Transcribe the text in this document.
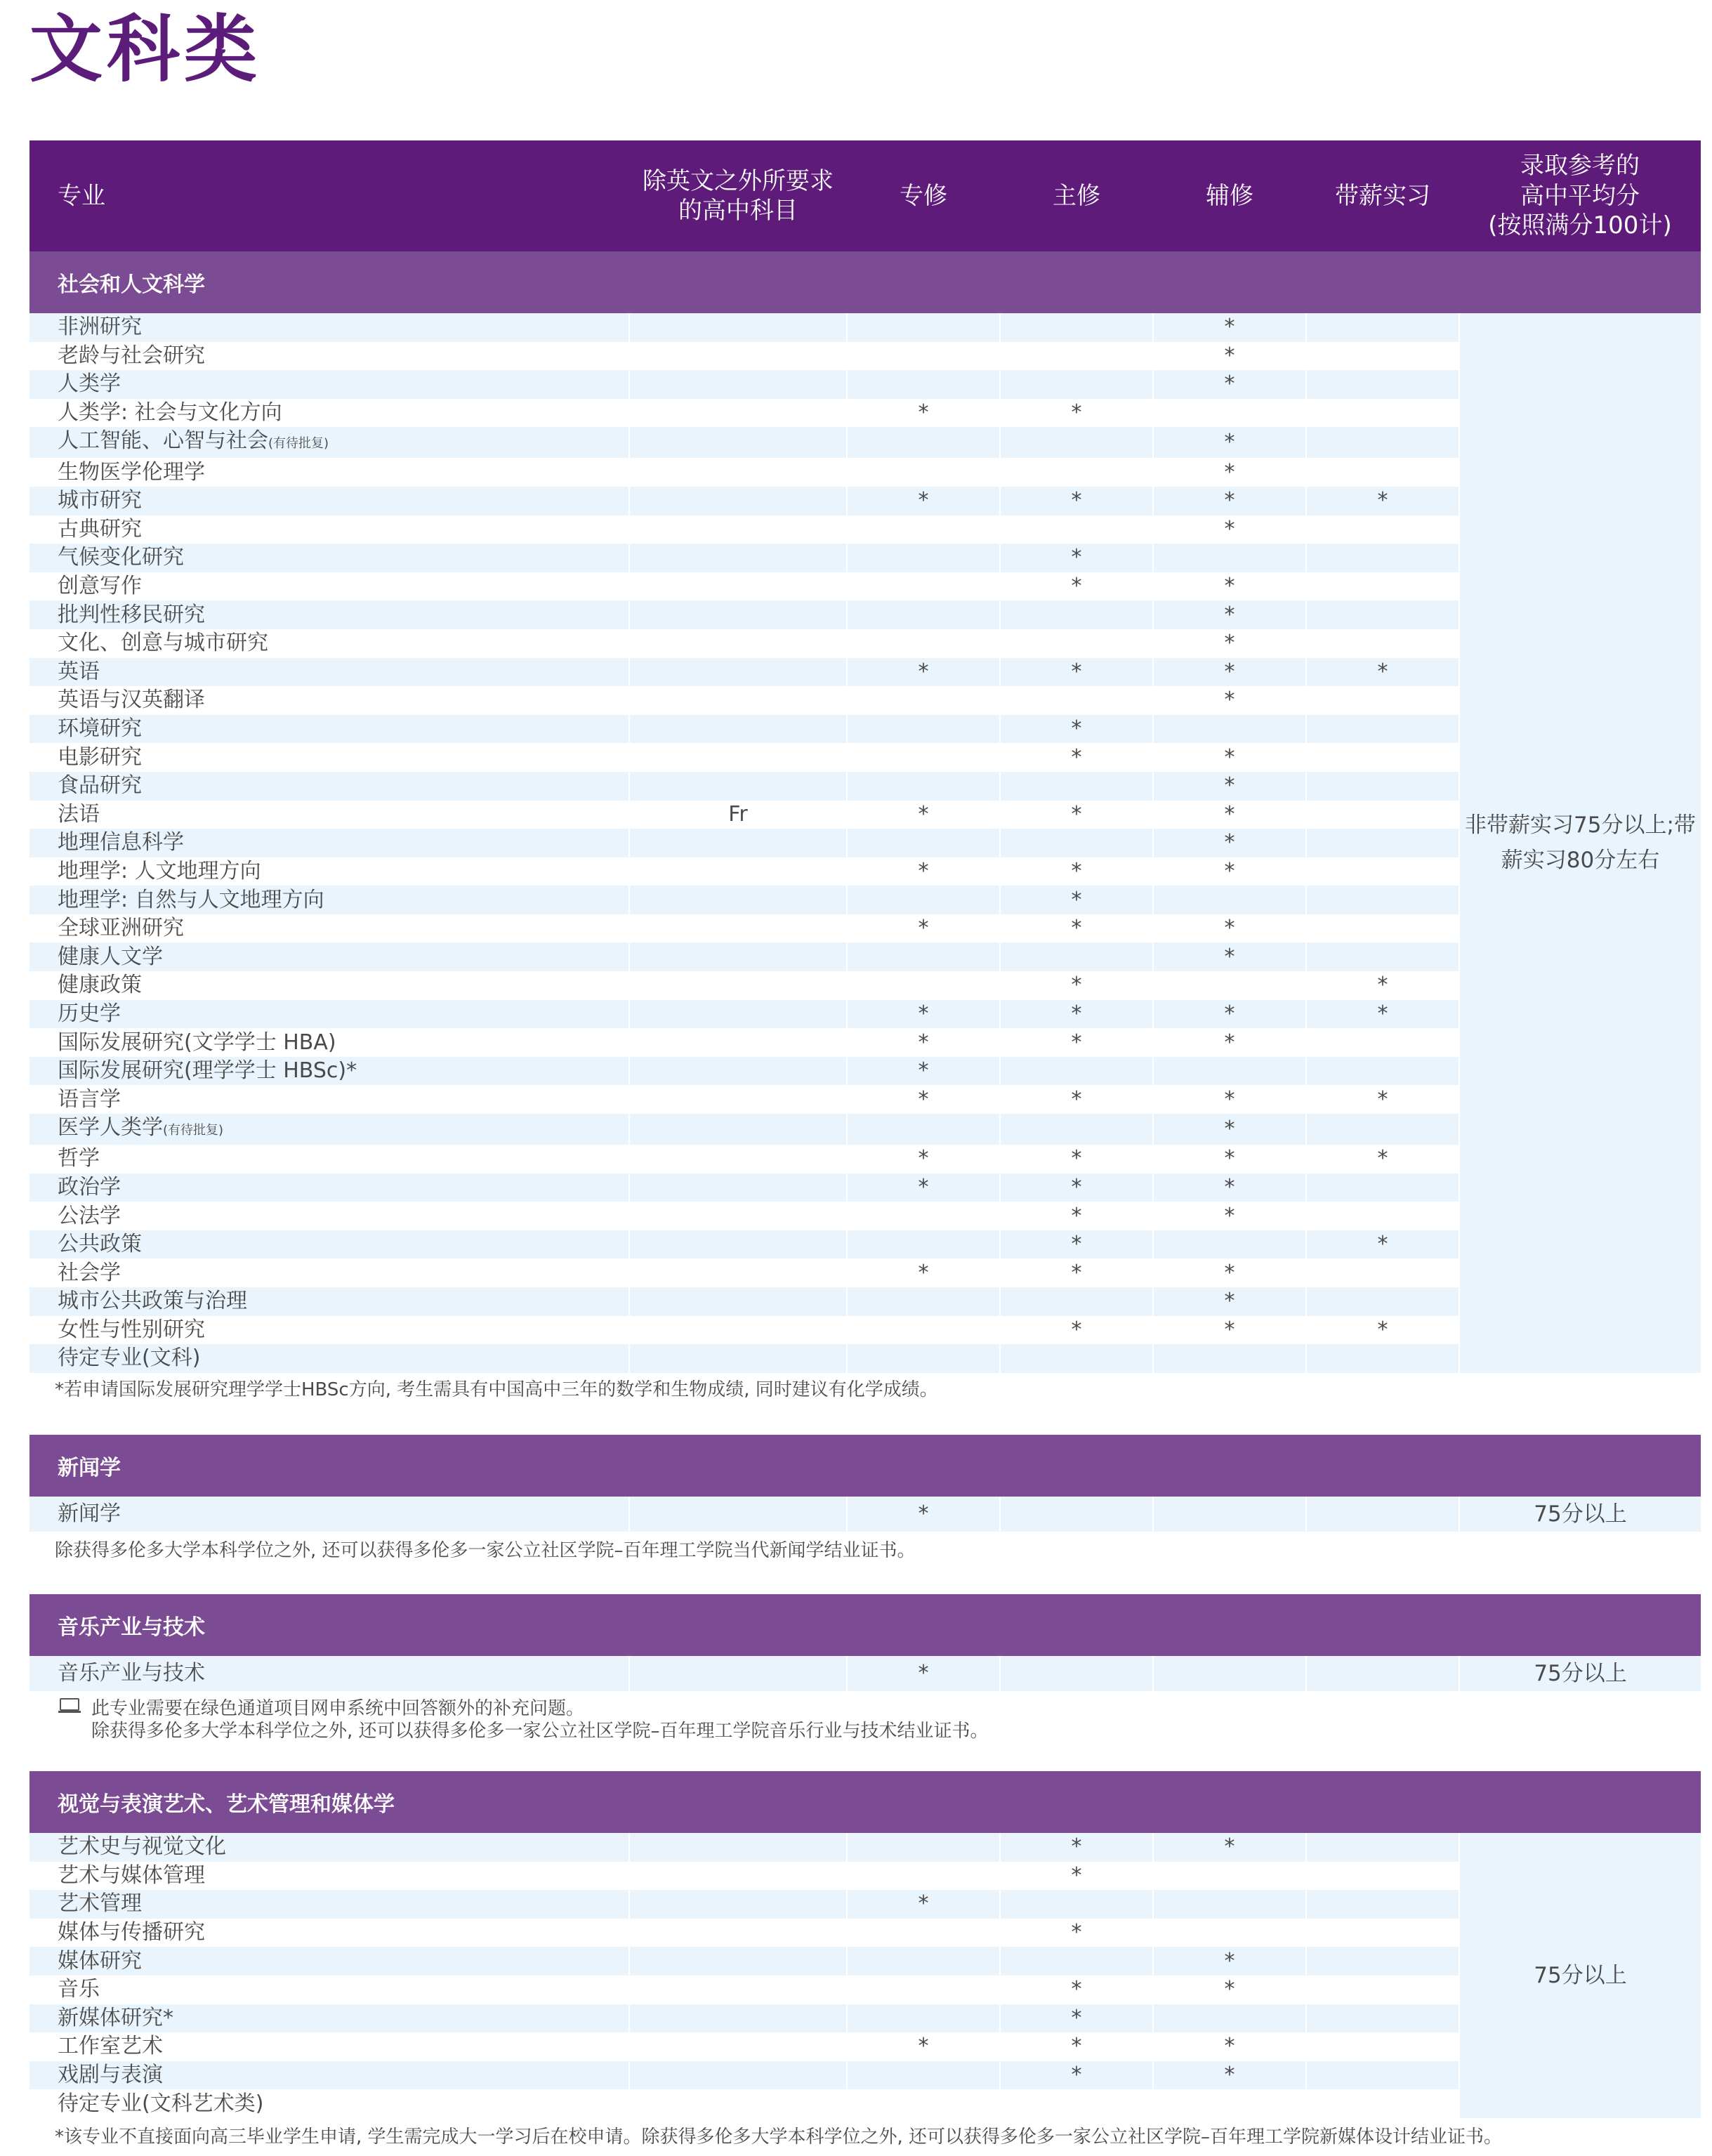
文科类
专业	除英文之外所要求
的高中科目	专修	主修	辅修	带薪实习	录取参考的
高中平均分
(按照满分100计)
社会和人文科学						
非洲研究				*		非带薪实习75分以上;带薪实习80分左右
老龄与社会研究				*		
人类学				*		
人类学: 社会与文化方向		*	*			
人工智能、心智与社会(有待批复)				*		
生物医学伦理学				*		
城市研究		*	*	*	*	
古典研究				*		
气候变化研究			*			
创意写作			*	*		
批判性移民研究				*		
文化、创意与城市研究				*		
英语		*	*	*	*	
英语与汉英翻译				*		
环境研究			*			
电影研究			*	*		
食品研究				*		
法语	Fr	*	*	*		
地理信息科学				*		
地理学: 人文地理方向		*	*	*		
地理学: 自然与人文地理方向			*			
全球亚洲研究		*	*	*		
健康人文学				*		
健康政策			*		*	
历史学		*	*	*	*	
国际发展研究(文学学士 HBA)		*	*	*		
国际发展研究(理学学士 HBSc)*		*				
语言学		*	*	*	*	
医学人类学(有待批复)				*		
哲学		*	*	*	*	
政治学		*	*	*		
公法学			*	*		
公共政策			*		*	
社会学		*	*	*		
城市公共政策与治理				*		
女性与性别研究			*	*	*	
待定专业(文科)						
*若申请国际发展研究理学学士HBSc方向, 考生需具有中国高中三年的数学和生物成绩, 同时建议有化学成绩。
新闻学
新闻学		*				75分以上
除获得多伦多大学本科学位之外, 还可以获得多伦多一家公立社区学院–百年理工学院当代新闻学结业证书。
音乐产业与技术
音乐产业与技术		*				75分以上
此专业需要在绿色通道项目网申系统中回答额外的补充问题。
除获得多伦多大学本科学位之外, 还可以获得多伦多一家公立社区学院–百年理工学院音乐行业与技术结业证书。
视觉与表演艺术、艺术管理和媒体学						
艺术史与视觉文化			*	*		75分以上
艺术与媒体管理			*			
艺术管理		*				
媒体与传播研究			*			
媒体研究				*		
音乐			*	*		
新媒体研究*			*			
工作室艺术		*	*	*		
戏剧与表演			*	*		
待定专业(文科艺术类)						
*该专业不直接面向高三毕业学生申请, 学生需完成大一学习后在校申请。除获得多伦多大学本科学位之外, 还可以获得多伦多一家公立社区学院–百年理工学院新媒体设计结业证书。
